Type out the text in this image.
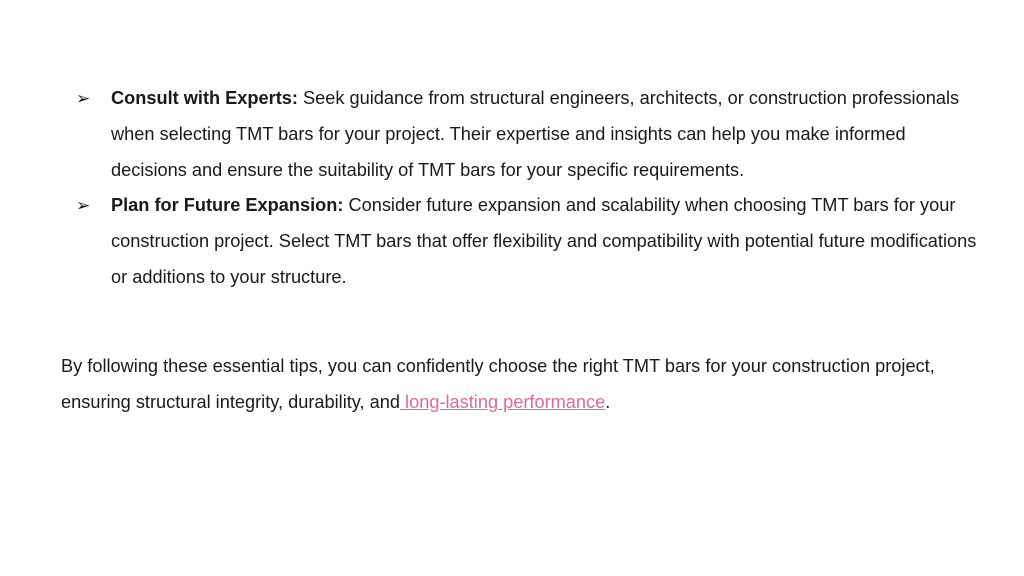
➢ Consult with Experts: Seek guidance from structural engineers, architects, or construction professionals when selecting TMT bars for your project. Their expertise and insights can help you make informed decisions and ensure the suitability of TMT bars for your specific requirements.
➢ Plan for Future Expansion: Consider future expansion and scalability when choosing TMT bars for your construction project. Select TMT bars that offer flexibility and compatibility with potential future modifications or additions to your structure.

By following these essential tips, you can confidently choose the right TMT bars for your construction project, ensuring structural integrity, durability, and long-lasting performance.
